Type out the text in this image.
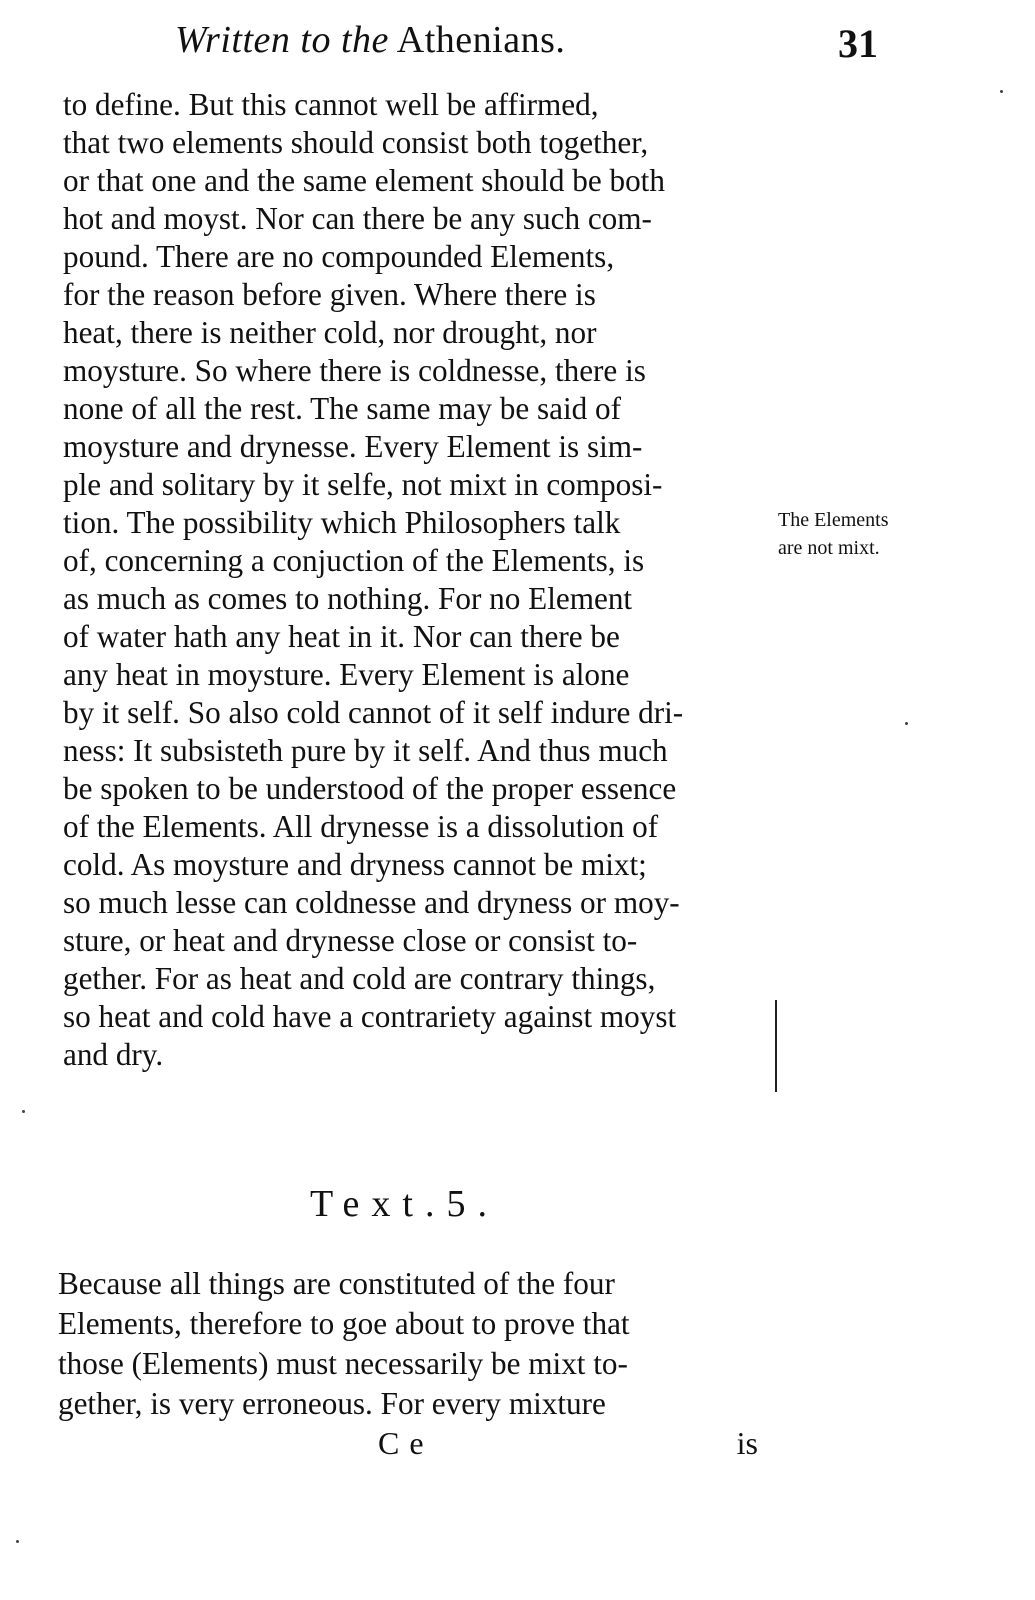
Written to the Athenians.	31
to define. But this cannot well be affirmed,
that two elements should consist both together,
or that one and the same element should be both
hot and moyst. Nor can there be any such com-
pound. There are no compounded Elements,
for the reason before given. Where there is
heat, there is neither cold, nor drought, nor
moysture. So where there is coldnesse, there is
none of all the rest. The same may be said of
moysture and drynesse. Every Element is sim-
ple and solitary by it selfe, not mixt in composi-
tion. The possibility which Philosophers talk
of, concerning a conjuction of the Elements, is
as much as comes to nothing. For no Element
of water hath any heat in it. Nor can there be
any heat in moysture. Every Element is alone
by it self. So also cold cannot of it self indure dri-
ness: It subsisteth pure by it self. And thus much
be spoken to be understood of the proper essence
of the Elements. All drynesse is a dissolution of
cold. As moysture and dryness cannot be mixt;
so much lesse can coldnesse and dryness or moy-
sture, or heat and drynesse close or consist to-
gether. For as heat and cold are contrary things,
so heat and cold have a contrariety against moyst
and dry.
The Elements
are not mixt.
Text.5.
Because all things are constituted of the four
Elements, therefore to goe about to prove that
those (Elements) must necessarily be mixt to-
gether, is very erroneous. For every mixture
Ce	is
